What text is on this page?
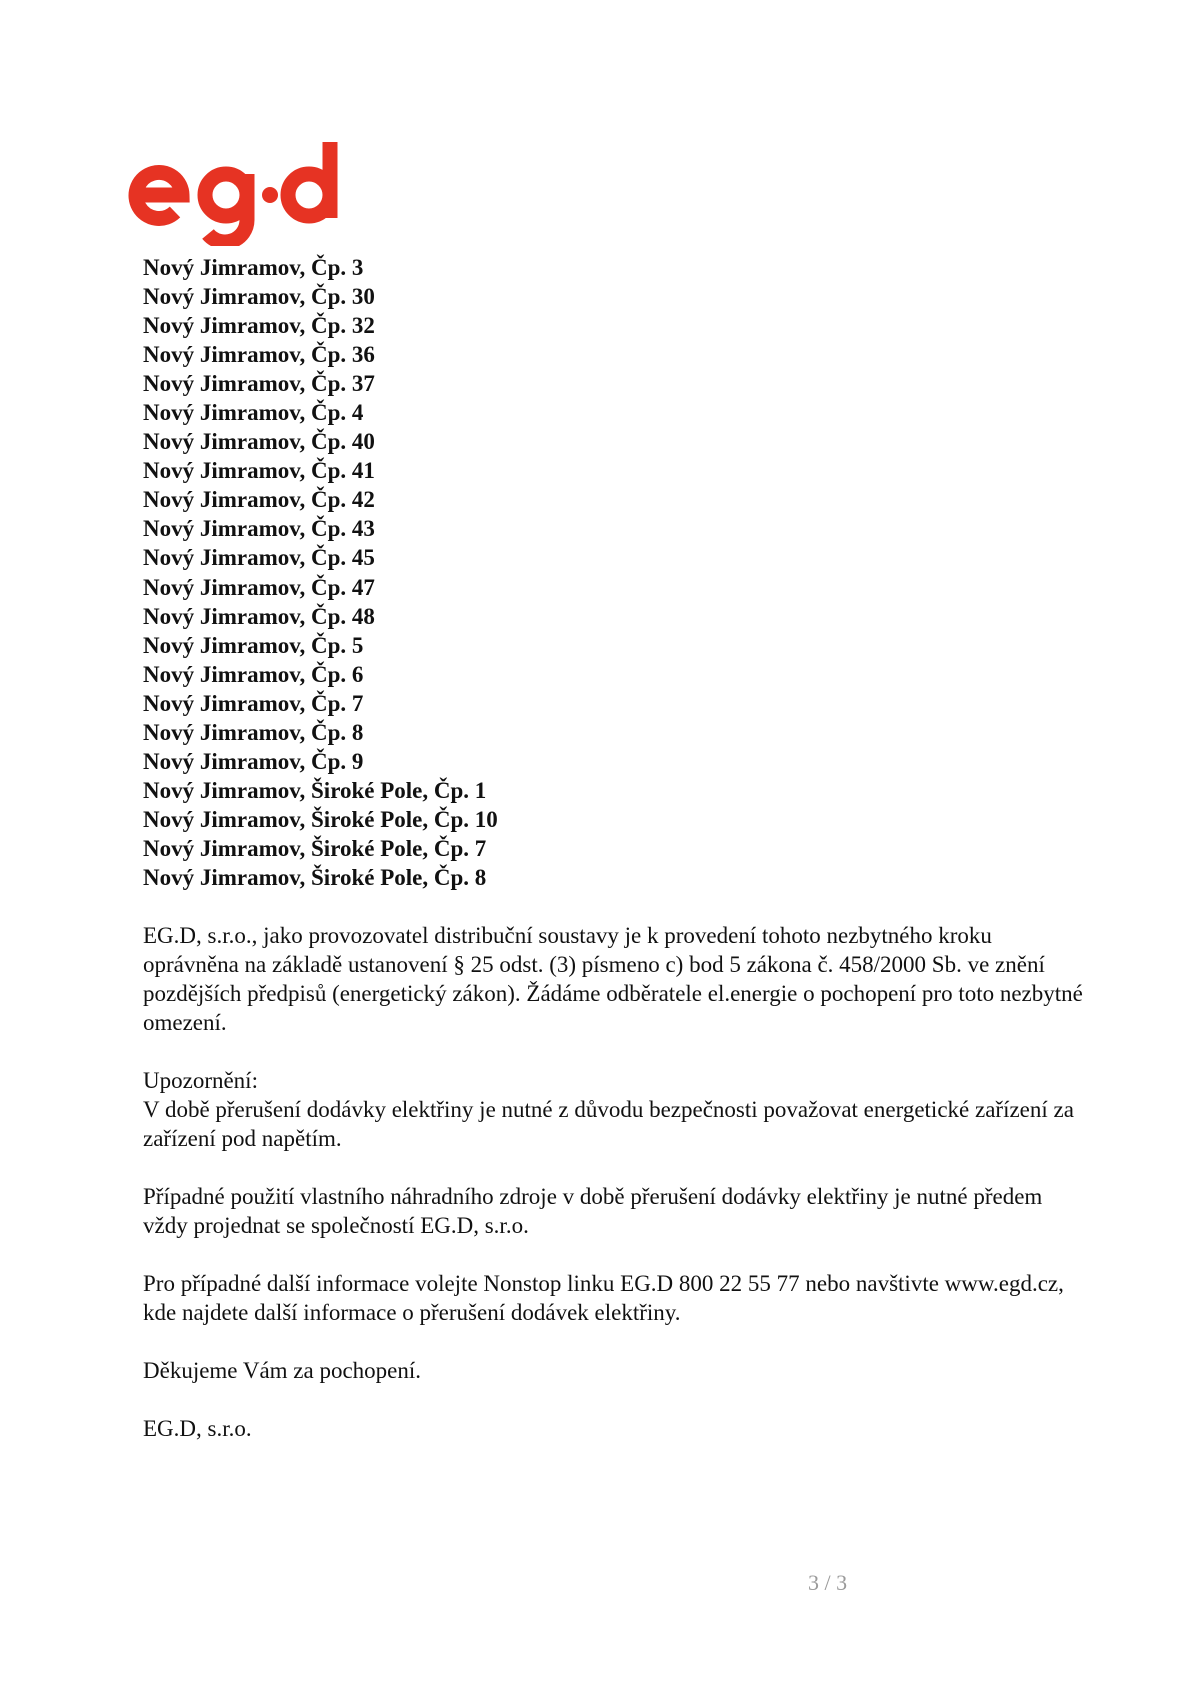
Nový Jimramov, Čp. 3
Nový Jimramov, Čp. 30
Nový Jimramov, Čp. 32
Nový Jimramov, Čp. 36
Nový Jimramov, Čp. 37
Nový Jimramov, Čp. 4
Nový Jimramov, Čp. 40
Nový Jimramov, Čp. 41
Nový Jimramov, Čp. 42
Nový Jimramov, Čp. 43
Nový Jimramov, Čp. 45
Nový Jimramov, Čp. 47
Nový Jimramov, Čp. 48
Nový Jimramov, Čp. 5
Nový Jimramov, Čp. 6
Nový Jimramov, Čp. 7
Nový Jimramov, Čp. 8
Nový Jimramov, Čp. 9
Nový Jimramov, Široké Pole, Čp. 1
Nový Jimramov, Široké Pole, Čp. 10
Nový Jimramov, Široké Pole, Čp. 7
Nový Jimramov, Široké Pole, Čp. 8

EG.D, s.r.o., jako provozovatel distribuční soustavy je k provedení tohoto nezbytného kroku oprávněna na základě ustanovení § 25 odst. (3) písmeno c) bod 5 zákona č. 458/2000 Sb. ve znění pozdějších předpisů (energetický zákon). Žádáme odběratele el.energie o pochopení pro toto nezbytné omezení.

Upozornění:
V době přerušení dodávky elektřiny je nutné z důvodu bezpečnosti považovat energetické zařízení za zařízení pod napětím.

Případné použití vlastního náhradního zdroje v době přerušení dodávky elektřiny je nutné předem vždy projednat se společností EG.D, s.r.o.

Pro případné další informace volejte Nonstop linku EG.D 800 22 55 77 nebo navštivte www.egd.cz, kde najdete další informace o přerušení dodávek elektřiny.

Děkujeme Vám za pochopení.

EG.D, s.r.o.

3 / 3
